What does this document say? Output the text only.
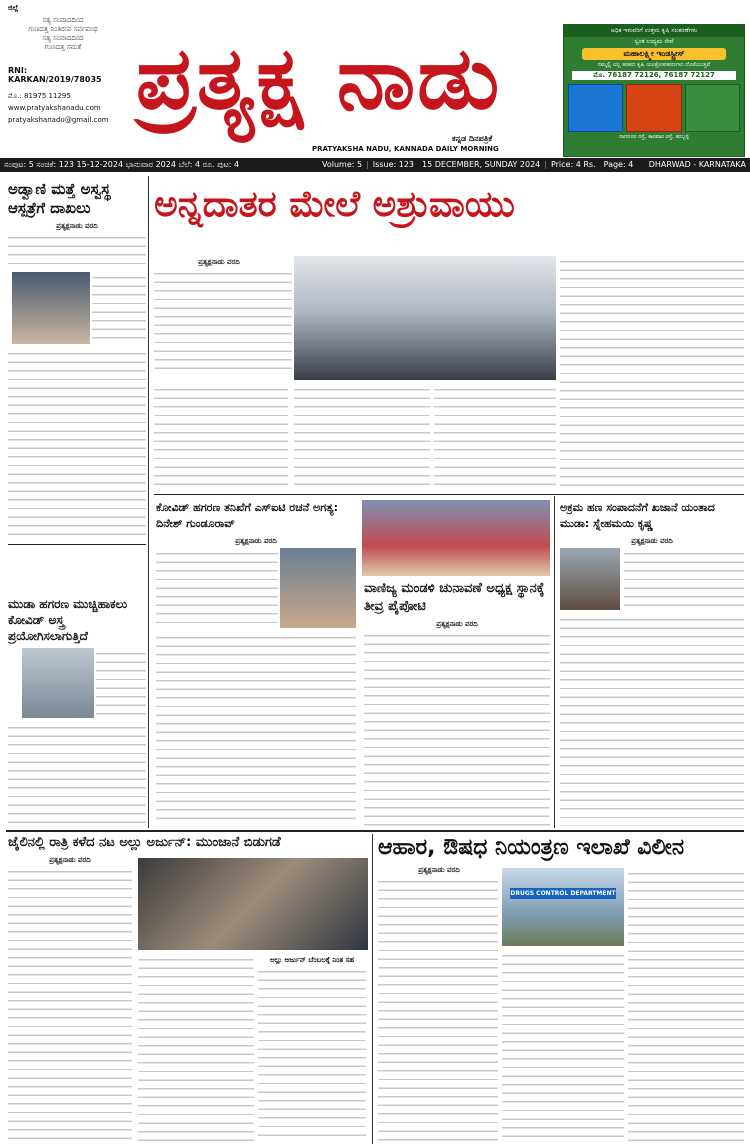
ಜಿಲ್ಲೆ
ಸತ್ಯ ಸಂವಾದದಿಂದ
ಗುಣದತ್ತ ನಿಂತಿರುವ ಸರ್ವಪಂಥ
ಸತ್ಯ ಸಂವಾದದಿಂದ
ಗುಣದತ್ತ ಸಮತೆ
RNI: KARKAN/2019/78035
ಮೊ.: 81975 11295
www.pratyakshanadu.com
pratyakshanadu@gmail.com ಪ್ರತ್ಯಕ್ಷ ನಾಡು
ಕನ್ನಡ ದಿನಪತ್ರಿಕೆ
PRATYAKSHA NADU, KANNADA DAILY MORNING
ಅಧಿಕ ಇಳುವರಿಗೆ ಉತ್ತಮ ಕೃಷಿ ಸಲಕರಣೆಗಳು
ಸ್ವಂತ ಉದ್ಯಮ ಸೇವೆ
ಮಹಾಲಕ್ಷ್ಮೀ ಇಂಡಸ್ಟ್ರೀಸ್
ನಮ್ಮಲ್ಲಿ ಎಲ್ಲ ತರಹದ ಕೃಷಿ ಯಂತ್ರೋಪಕರಣಗಳು ದೊರೆಯುತ್ತವೆ
ಮೊ. 76187 72126, 76187 72127
ನಾಗನೂರ ರಸ್ತೆ, ಕಾರವಾರ ರಸ್ತೆ, ಹುಬ್ಬಳ್ಳಿ
ಸಂಪುಟ: 5 ಸಂಚಿಕೆ: 123 15-12-2024 ಭಾನುವಾರ 2024 ಬೆಲೆ: 4 ರೂ. ಪುಟ: 4	Volume: 5 | Issue: 123	15 DECEMBER, SUNDAY 2024 | Price: 4 Rs.	Page: 4	DHARWAD - KARNATAKA
ಅಡ್ವಾಣಿ ಮತ್ತೆ ಅಸ್ವಸ್ಥ ಆಸ್ಪತ್ರೆಗೆ ದಾಖಲು
ಪ್ರತ್ಯಕ್ಷನಾಡು ವರದಿ
ಮುಡಾ ಹಗರಣ ಮುಚ್ಚಿಹಾಕಲು ಕೋವಿಡ್ ಅಸ್ತ್ರ ಪ್ರಯೋಗಿಸಲಾಗುತ್ತಿದೆ
ಅನ್ನದಾತರ ಮೇಲೆ ಅಶ್ರುವಾಯು
ಪ್ರತ್ಯಕ್ಷನಾಡು ವರದಿ
ಕೋವಿಡ್ ಹಗರಣ ತನಿಖೆಗೆ ಎಸ್ಐಟಿ ರಚನೆ ಅಗತ್ಯ: ದಿನೇಶ್ ಗುಂಡೂರಾವ್
ಪ್ರತ್ಯಕ್ಷನಾಡು ವರದಿ
ವಾಣಿಜ್ಯ ಮಂಡಳಿ ಚುನಾವಣೆ ಅಧ್ಯಕ್ಷ ಸ್ಥಾನಕ್ಕೆ ತೀವ್ರ ಪೈಪೋಟಿ
ಪ್ರತ್ಯಕ್ಷನಾಡು ವರದಿ
ಅಕ್ರಮ ಹಣ ಸಂಪಾದನೆಗೆ ಖಜಾನೆ ಯಂತಾದ ಮುಡಾ: ಸ್ನೇಹಮಯಿ ಕೃಷ್ಣ
ಪ್ರತ್ಯಕ್ಷನಾಡು ವರದಿ
ಜೈಲಿನಲ್ಲಿ ರಾತ್ರಿ ಕಳೆದ ನಟ ಅಲ್ಲು ಅರ್ಜುನ್: ಮುಂಜಾನೆ ಬಿಡುಗಡೆ
ಪ್ರತ್ಯಕ್ಷನಾಡು ವರದಿ
ಅಲ್ಲು ಅರ್ಜುನ್ ಬೆಂಬಲಕ್ಕೆ ನಿಂತ ಸಹ
ಆಹಾರ, ಔಷಧ ನಿಯಂತ್ರಣ ಇಲಾಖೆ ವಿಲೀನ
ಪ್ರತ್ಯಕ್ಷನಾಡು ವರದಿ
DRUGS CONTROL DEPARTMENT
